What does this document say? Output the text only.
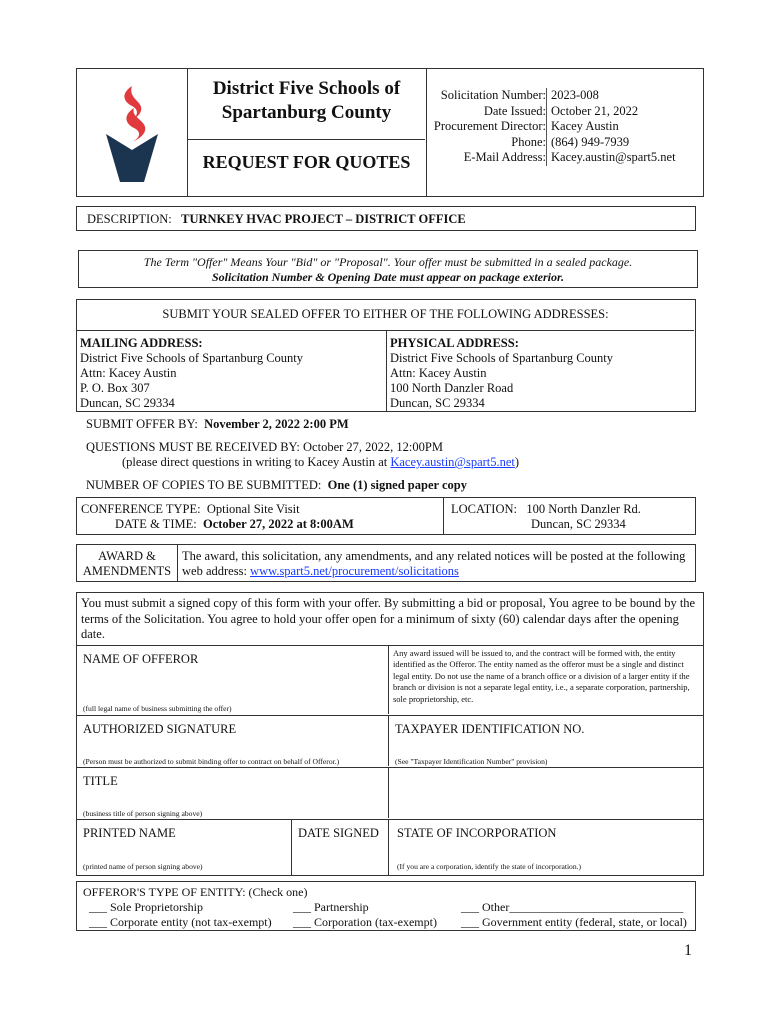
District Five Schools of
Spartanburg County
REQUEST FOR QUOTES
Solicitation Number: 2023-008
Date Issued: October 21, 2022
Procurement Director: Kacey Austin
Phone: (864) 949-7939
E-Mail Address: Kacey.austin@spart5.net
DESCRIPTION: TURNKEY HVAC PROJECT – DISTRICT OFFICE
The Term "Offer" Means Your "Bid" or "Proposal". Your offer must be submitted in a sealed package.
Solicitation Number & Opening Date must appear on package exterior.
SUBMIT YOUR SEALED OFFER TO EITHER OF THE FOLLOWING ADDRESSES:
MAILING ADDRESS:
District Five Schools of Spartanburg County
Attn: Kacey Austin
P. O. Box 307
Duncan, SC 29334
PHYSICAL ADDRESS:
District Five Schools of Spartanburg County
Attn: Kacey Austin
100 North Danzler Road
Duncan, SC 29334
SUBMIT OFFER BY: November 2, 2022 2:00 PM
QUESTIONS MUST BE RECEIVED BY: October 27, 2022, 12:00PM
(please direct questions in writing to Kacey Austin at Kacey.austin@spart5.net)
NUMBER OF COPIES TO BE SUBMITTED: One (1) signed paper copy
CONFERENCE TYPE: Optional Site Visit
DATE & TIME: October 27, 2022 at 8:00AM
LOCATION: 100 North Danzler Rd.
Duncan, SC 29334
AWARD &
AMENDMENTS
The award, this solicitation, any amendments, and any related notices will be posted at the following
web address: www.spart5.net/procurement/solicitations
You must submit a signed copy of this form with your offer. By submitting a bid or proposal, You agree to be bound by the terms of the Solicitation. You agree to hold your offer open for a minimum of sixty (60) calendar days after the opening date.
NAME OF OFFEROR
(full legal name of business submitting the offer)
Any award issued will be issued to, and the contract will be formed with, the entity identified as the Offeror. The entity named as the offeror must be a single and distinct legal entity. Do not use the name of a branch office or a division of a larger entity if the branch or division is not a separate legal entity, i.e., a separate corporation, partnership, sole proprietorship, etc.
AUTHORIZED SIGNATURE
(Person must be authorized to submit binding offer to contract on behalf of Offeror.)
TAXPAYER IDENTIFICATION NO.
(See "Taxpayer Identification Number" provision)
TITLE
(business title of person signing above)
PRINTED NAME
(printed name of person signing above)
DATE SIGNED STATE OF INCORPORATION
(If you are a corporation, identify the state of incorporation.)
OFFEROR'S TYPE OF ENTITY: (Check one)
___ Sole Proprietorship
___ Corporate entity (not tax-exempt)
___ Partnership
___ Corporation (tax-exempt)
___ Other_____________________________
___ Government entity (federal, state, or local)
1
